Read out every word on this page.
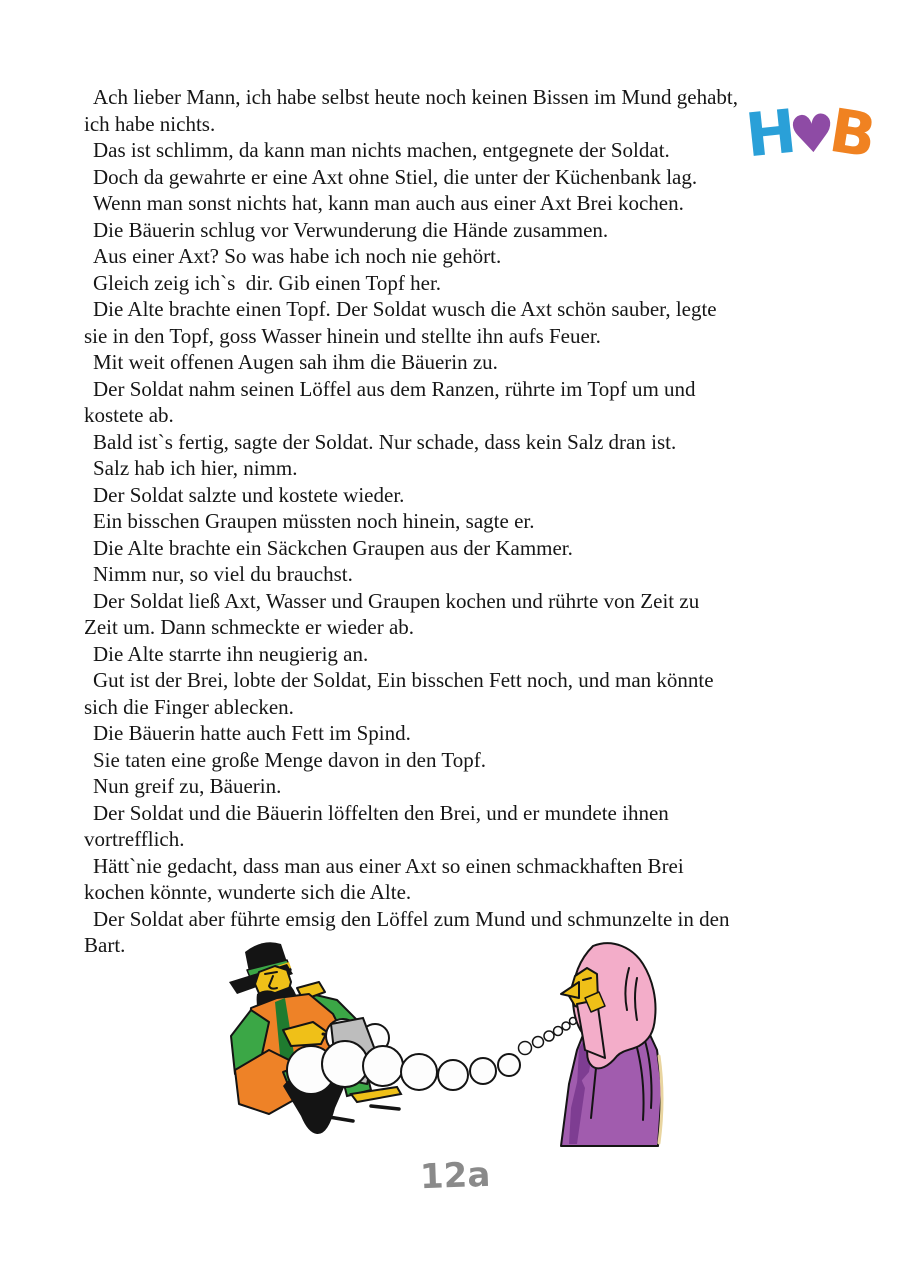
Ach lieber Mann, ich habe selbst heute noch keinen Bissen im Mund gehabt,
ich habe nichts.
Das ist schlimm, da kann man nichts machen, entgegnete der Soldat.
Doch da gewahrte er eine Axt ohne Stiel, die unter der Küchenbank lag.
Wenn man sonst nichts hat, kann man auch aus einer Axt Brei kochen.
Die Bäuerin schlug vor Verwunderung die Hände zusammen.
Aus einer Axt? So was habe ich noch nie gehört.
Gleich zeig ich`s  dir. Gib einen Topf her.
Die Alte brachte einen Topf. Der Soldat wusch die Axt schön sauber, legte
sie in den Topf, goss Wasser hinein und stellte ihn aufs Feuer.
Mit weit offenen Augen sah ihm die Bäuerin zu.
Der Soldat nahm seinen Löffel aus dem Ranzen, rührte im Topf um und
kostete ab.
Bald ist`s fertig, sagte der Soldat. Nur schade, dass kein Salz dran ist.
Salz hab ich hier, nimm.
Der Soldat salzte und kostete wieder.
Ein bisschen Graupen müssten noch hinein, sagte er.
Die Alte brachte ein Säckchen Graupen aus der Kammer.
Nimm nur, so viel du brauchst.
Der Soldat ließ Axt, Wasser und Graupen kochen und rührte von Zeit zu
Zeit um. Dann schmeckte er wieder ab.
Die Alte starrte ihn neugierig an.
Gut ist der Brei, lobte der Soldat, Ein bisschen Fett noch, und man könnte
sich die Finger ablecken.
Die Bäuerin hatte auch Fett im Spind.
Sie taten eine große Menge davon in den Topf.
Nun greif zu, Bäuerin.
Der Soldat und die Bäuerin löffelten den Brei, und er mundete ihnen
vortrefflich.
Hätt`nie gedacht, dass man aus einer Axt so einen schmackhaften Brei
kochen könnte, wunderte sich die Alte.
Der Soldat aber führte emsig den Löffel zum Mund und schmunzelte in den
Bart.
H
♥
B
12a
